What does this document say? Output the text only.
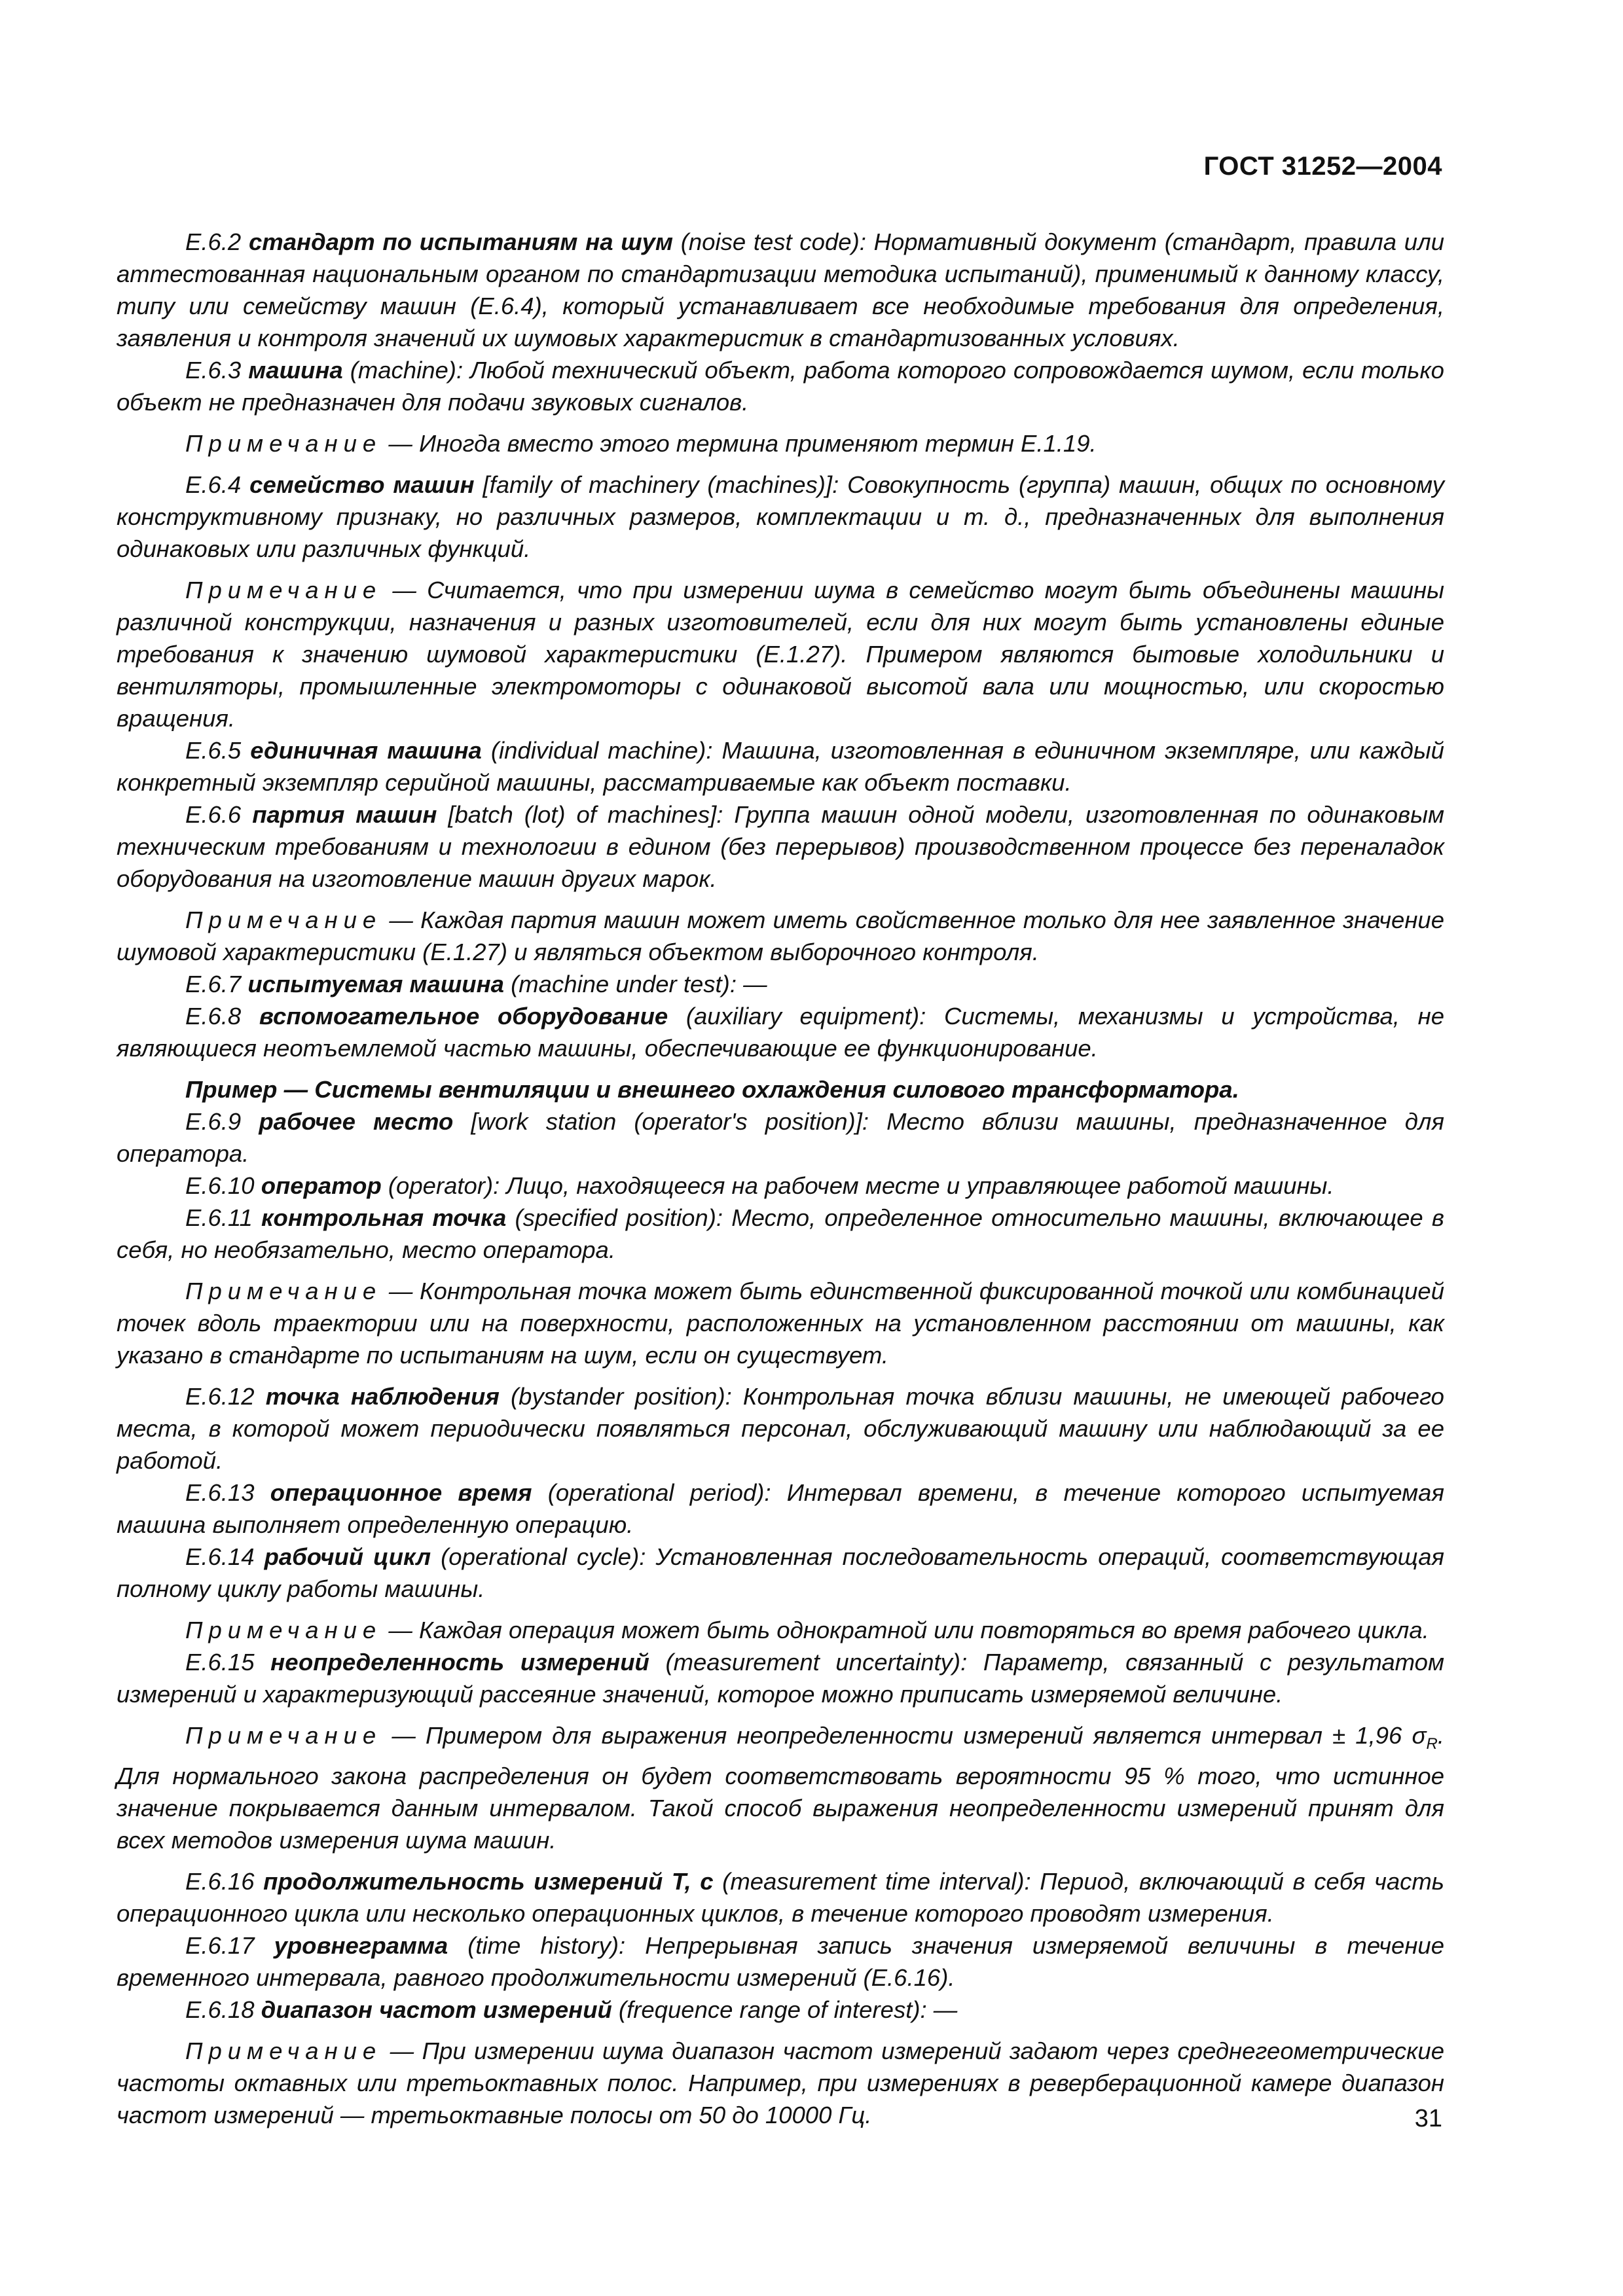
ГОСТ 31252—2004

E.6.2 стандарт по испытаниям на шум (noise test code): Нормативный документ (стандарт, правила или аттестованная национальным органом по стандартизации методика испытаний), применимый к данному классу, типу или семейству машин (E.6.4), который устанавливает все необходимые требования для определения, заявления и контроля значений их шумовых характеристик в стандартизованных условиях.

E.6.3 машина (machine): Любой технический объект, работа которого сопровождается шумом, если только объект не предназначен для подачи звуковых сигналов.

Примечание — Иногда вместо этого термина применяют термин E.1.19.

E.6.4 семейство машин [family of machinery (machines)]: Совокупность (группа) машин, общих по основному конструктивному признаку, но различных размеров, комплектации и т. д., предназначенных для выполнения одинаковых или различных функций.

Примечание — Считается, что при измерении шума в семейство могут быть объединены машины различной конструкции, назначения и разных изготовителей, если для них могут быть установлены единые требования к значению шумовой характеристики (E.1.27). Примером являются бытовые холодильники и вентиляторы, промышленные электромоторы с одинаковой высотой вала или мощностью, или скоростью вращения.

E.6.5 единичная машина (individual machine): Машина, изготовленная в единичном экземпляре, или каждый конкретный экземпляр серийной машины, рассматриваемые как объект поставки.

E.6.6 партия машин [batch (lot) of machines]: Группа машин одной модели, изготовленная по одинаковым техническим требованиям и технологии в едином (без перерывов) производственном процессе без переналадок оборудования на изготовление машин других марок.

Примечание — Каждая партия машин может иметь свойственное только для нее заявленное значение шумовой характеристики (E.1.27) и являться объектом выборочного контроля.

E.6.7 испытуемая машина (machine under test): —

E.6.8 вспомогательное оборудование (auxiliary equipment): Системы, механизмы и устройства, не являющиеся неотъемлемой частью машины, обеспечивающие ее функционирование.

Пример — Системы вентиляции и внешнего охлаждения силового трансформатора.

E.6.9 рабочее место [work station (operator's position)]: Место вблизи машины, предназначенное для оператора.

E.6.10 оператор (operator): Лицо, находящееся на рабочем месте и управляющее работой машины.

E.6.11 контрольная точка (specified position): Место, определенное относительно машины, включающее в себя, но необязательно, место оператора.

Примечание — Контрольная точка может быть единственной фиксированной точкой или комбинацией точек вдоль траектории или на поверхности, расположенных на установленном расстоянии от машины, как указано в стандарте по испытаниям на шум, если он существует.

E.6.12 точка наблюдения (bystander position): Контрольная точка вблизи машины, не имеющей рабочего места, в которой может периодически появляться персонал, обслуживающий машину или наблюдающий за ее работой.

E.6.13 операционное время (operational period): Интервал времени, в течение которого испытуемая машина выполняет определенную операцию.

E.6.14 рабочий цикл (operational cycle): Установленная последовательность операций, соответствующая полному циклу работы машины.

Примечание — Каждая операция может быть однократной или повторяться во время рабочего цикла.

E.6.15 неопределенность измерений (measurement uncertainty): Параметр, связанный с результатом измерений и характеризующий рассеяние значений, которое можно приписать измеряемой величине.

Примечание — Примером для выражения неопределенности измерений является интервал ± 1,96 $\sigma_R$. Для нормального закона распределения он будет соответствовать вероятности 95 % того, что истинное значение покрывается данным интервалом. Такой способ выражения неопределенности измерений принят для всех методов измерения шума машин.

E.6.16 продолжительность измерений T, с (measurement time interval): Период, включающий в себя часть операционного цикла или несколько операционных циклов, в течение которого проводят измерения.

E.6.17 уровнеграмма (time history): Непрерывная запись значения измеряемой величины в течение временного интервала, равного продолжительности измерений (E.6.16).

E.6.18 диапазон частот измерений (frequence range of interest): —

Примечание — При измерении шума диапазон частот измерений задают через среднегеометрические частоты октавных или третьоктавных полос. Например, при измерениях в реверберационной камере диапазон частот измерений — третьоктавные полосы от 50 до 10000 Гц.	31
